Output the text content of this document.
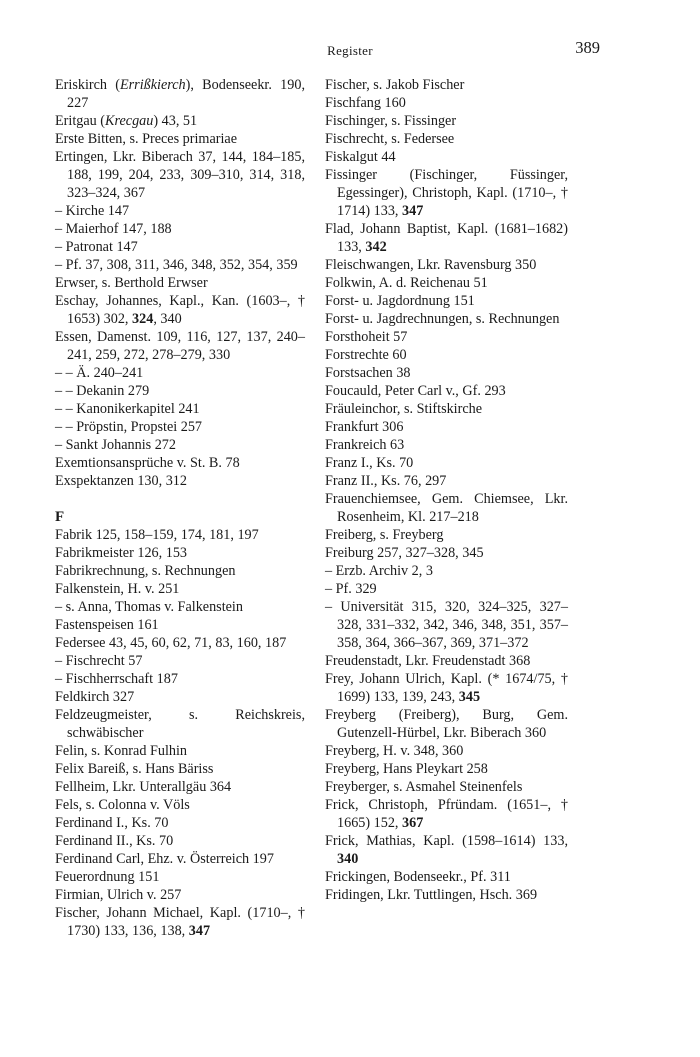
Register	389
Eriskirch (Errißkierch), Bodenseekr. 190, 227
Eritgau (Krecgau) 43, 51
Erste Bitten, s. Preces primariae
Ertingen, Lkr. Biberach 37, 144, 184–185, 188, 199, 204, 233, 309–310, 314, 318, 323–324, 367
– Kirche 147
– Maierhof 147, 188
– Patronat 147
– Pf. 37, 308, 311, 346, 348, 352, 354, 359
Erwser, s. Berthold Erwser
Eschay, Johannes, Kapl., Kan. (1603–, † 1653) 302, 324, 340
Essen, Damenst. 109, 116, 127, 137, 240–241, 259, 272, 278–279, 330
– – Ä. 240–241
– – Dekanin 279
– – Kanonikerkapitel 241
– – Pröpstin, Propstei 257
– Sankt Johannis 272
Exemtionsansprüche v. St. B. 78
Exspektanzen 130, 312
F
Fabrik 125, 158–159, 174, 181, 197
Fabrikmeister 126, 153
Fabrikrechnung, s. Rechnungen
Falkenstein, H. v. 251
– s. Anna, Thomas v. Falkenstein
Fastenspeisen 161
Federsee 43, 45, 60, 62, 71, 83, 160, 187
– Fischrecht 57
– Fischherrschaft 187
Feldkirch 327
Feldzeugmeister, s. Reichskreis, schwäbischer
Felin, s. Konrad Fulhin
Felix Bareiß, s. Hans Bäriss
Fellheim, Lkr. Unterallgäu 364
Fels, s. Colonna v. Völs
Ferdinand I., Ks. 70
Ferdinand II., Ks. 70
Ferdinand Carl, Ehz. v. Österreich 197
Feuerordnung 151
Firmian, Ulrich v. 257
Fischer, Johann Michael, Kapl. (1710–, † 1730) 133, 136, 138, 347
Fischer, s. Jakob Fischer
Fischfang 160
Fischinger, s. Fissinger
Fischrecht, s. Federsee
Fiskalgut 44
Fissinger (Fischinger, Füssinger, Egessinger), Christoph, Kapl. (1710–, † 1714) 133, 347
Flad, Johann Baptist, Kapl. (1681–1682) 133, 342
Fleischwangen, Lkr. Ravensburg 350
Folkwin, A. d. Reichenau 51
Forst- u. Jagdordnung 151
Forst- u. Jagdrechnungen, s. Rechnungen
Forsthoheit 57
Forstrechte 60
Forstsachen 38
Foucauld, Peter Carl v., Gf. 293
Fräuleinchor, s. Stiftskirche
Frankfurt 306
Frankreich 63
Franz I., Ks. 70
Franz II., Ks. 76, 297
Frauenchiemsee, Gem. Chiemsee, Lkr. Rosenheim, Kl. 217–218
Freiberg, s. Freyberg
Freiburg 257, 327–328, 345
– Erzb. Archiv 2, 3
– Pf. 329
– Universität 315, 320, 324–325, 327–328, 331–332, 342, 346, 348, 351, 357–358, 364, 366–367, 369, 371–372
Freudenstadt, Lkr. Freudenstadt 368
Frey, Johann Ulrich, Kapl. (* 1674/75, † 1699) 133, 139, 243, 345
Freyberg (Freiberg), Burg, Gem. Gutenzell-Hürbel, Lkr. Biberach 360
Freyberg, H. v. 348, 360
Freyberg, Hans Pleykart 258
Freyberger, s. Asmahel Steinenfels
Frick, Christoph, Pfründam. (1651–, † 1665) 152, 367
Frick, Mathias, Kapl. (1598–1614) 133, 340
Frickingen, Bodenseekr., Pf. 311
Fridingen, Lkr. Tuttlingen, Hsch. 369
